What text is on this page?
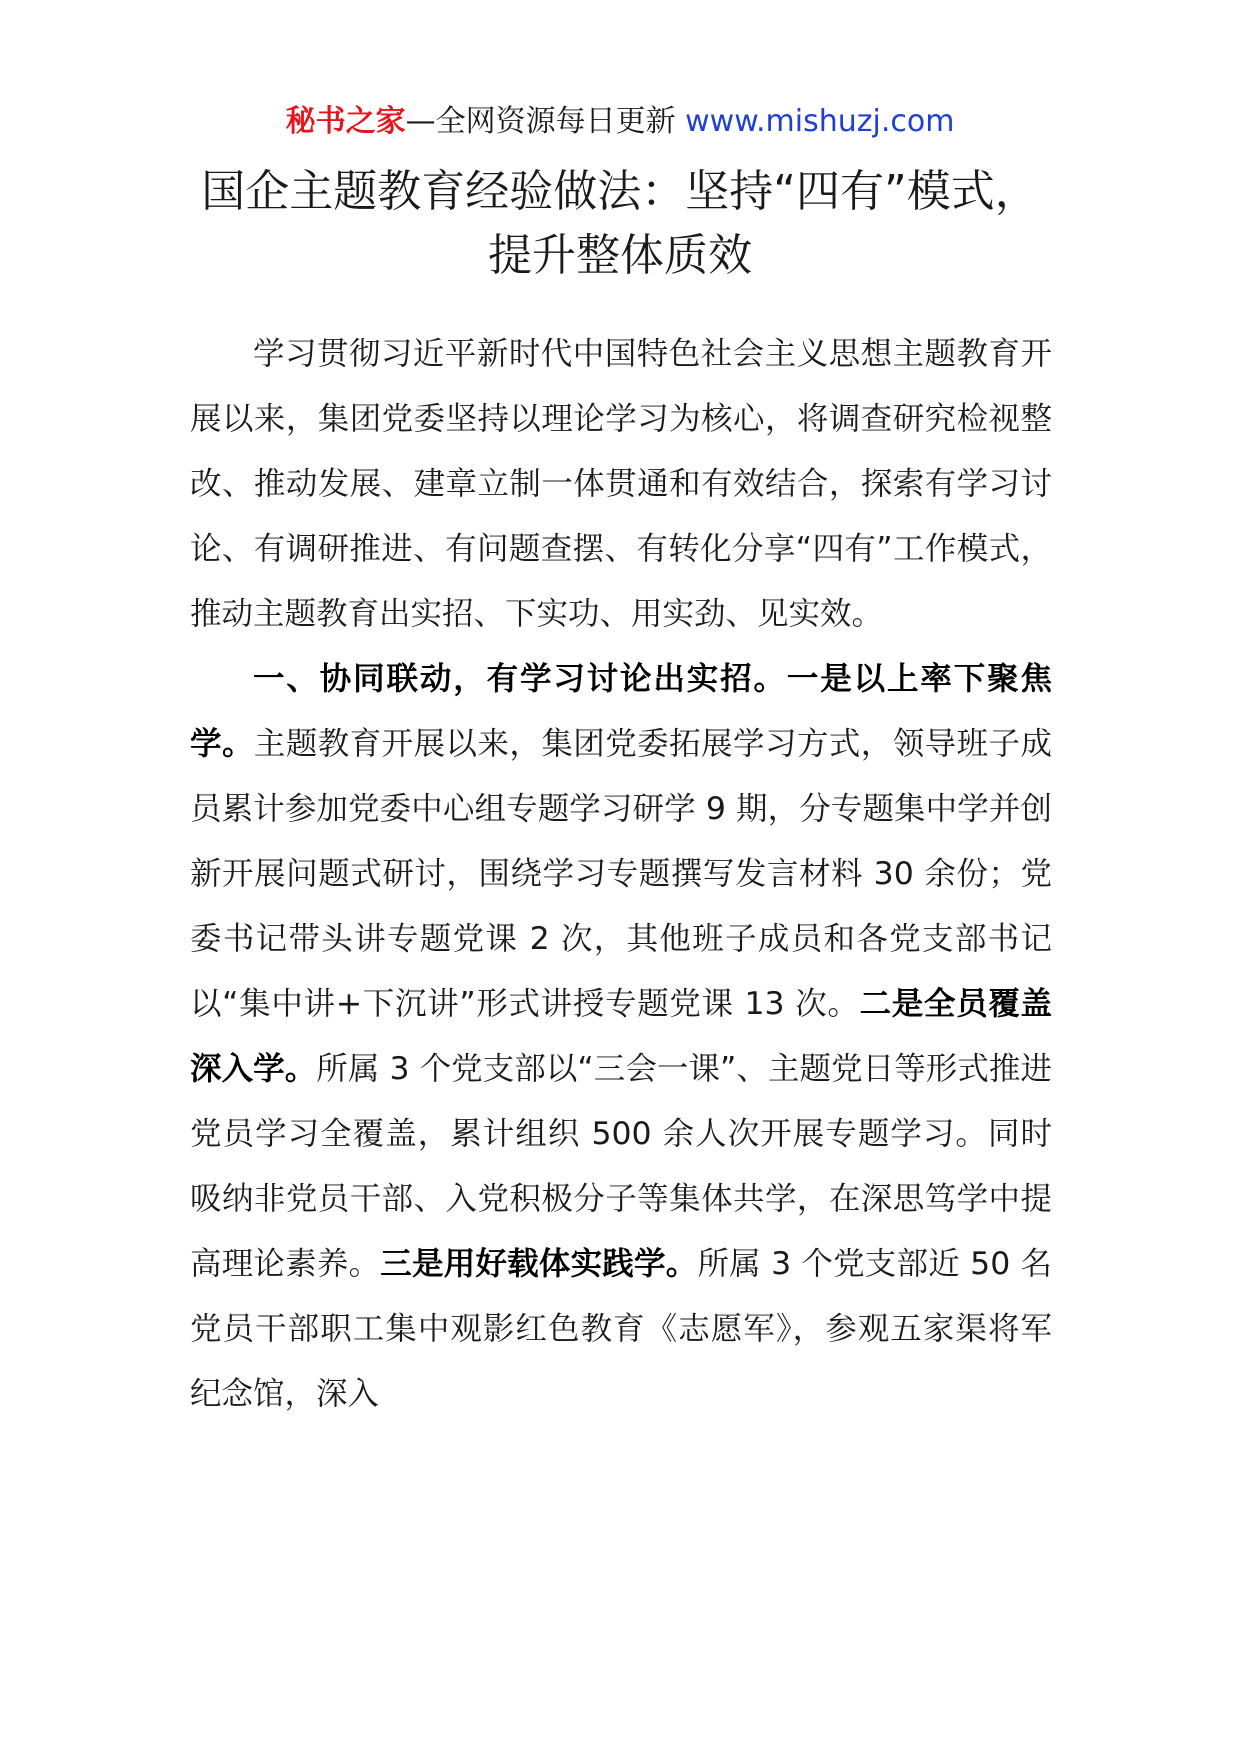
秘书之家—全网资源每日更新 www.mishuzj.com
国企主题教育经验做法：坚持“四有”模式，提升整体质效

学习贯彻习近平新时代中国特色社会主义思想主题教育开展以来，集团党委坚持以理论学习为核心，将调查研究检视整改、推动发展、建章立制一体贯通和有效结合，探索有学习讨论、有调研推进、有问题查摆、有转化分享“四有”工作模式，推动主题教育出实招、下实功、用实劲、见实效。

一、协同联动，有学习讨论出实招。一是以上率下聚焦学。主题教育开展以来，集团党委拓展学习方式，领导班子成员累计参加党委中心组专题学习研学 9 期，分专题集中学并创新开展问题式研讨，围绕学习专题撰写发言材料 30 余份；党委书记带头讲专题党课 2 次，其他班子成员和各党支部书记以“集中讲+下沉讲”形式讲授专题党课 13 次。二是全员覆盖深入学。所属 3 个党支部以“三会一课”、主题党日等形式推进党员学习全覆盖，累计组织 500 余人次开展专题学习。同时吸纳非党员干部、入党积极分子等集体共学，在深思笃学中提高理论素养。三是用好载体实践学。所属 3 个党支部近 50 名党员干部职工集中观影红色教育《志愿军》，参观五家渠将军纪念馆，深入
